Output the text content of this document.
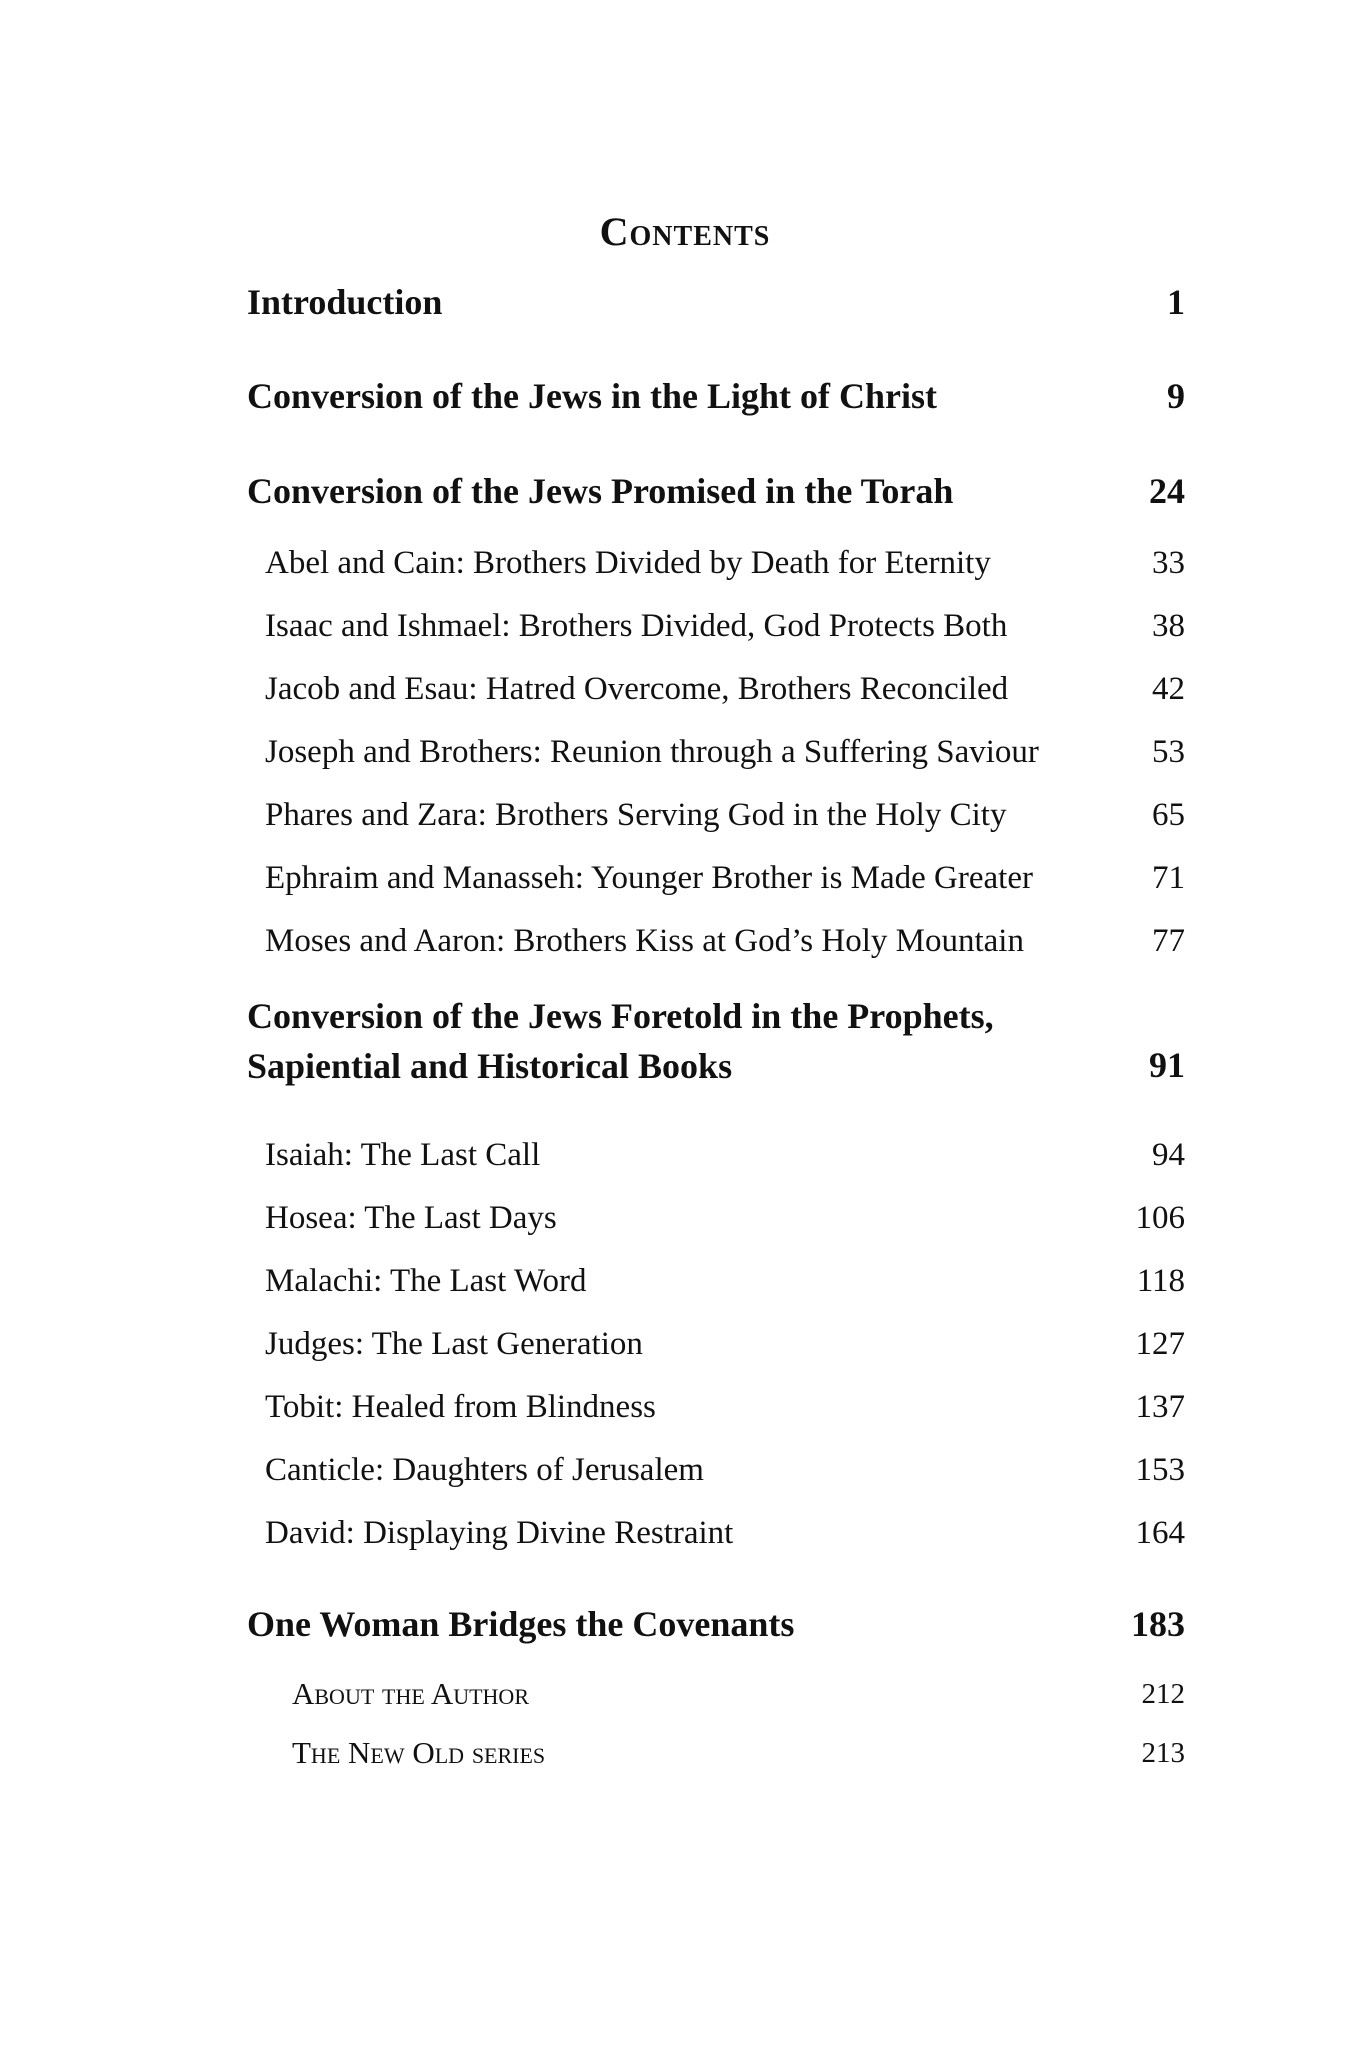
Contents
Introduction	1
Conversion of the Jews in the Light of Christ	9
Conversion of the Jews Promised in the Torah	24
Abel and Cain: Brothers Divided by Death for Eternity	33
Isaac and Ishmael: Brothers Divided, God Protects Both	38
Jacob and Esau: Hatred Overcome, Brothers Reconciled	42
Joseph and Brothers: Reunion through a Suffering Saviour	53
Phares and Zara: Brothers Serving God in the Holy City	65
Ephraim and Manasseh: Younger Brother is Made Greater	71
Moses and Aaron: Brothers Kiss at God’s Holy Mountain	77
Conversion of the Jews Foretold in the Prophets,
Sapiential and Historical Books	91
Isaiah: The Last Call	94
Hosea: The Last Days	106
Malachi: The Last Word	118
Judges: The Last Generation	127
Tobit: Healed from Blindness	137
Canticle: Daughters of Jerusalem	153
David: Displaying Divine Restraint	164
One Woman Bridges the Covenants	183
About the Author	212
The New Old series	213
